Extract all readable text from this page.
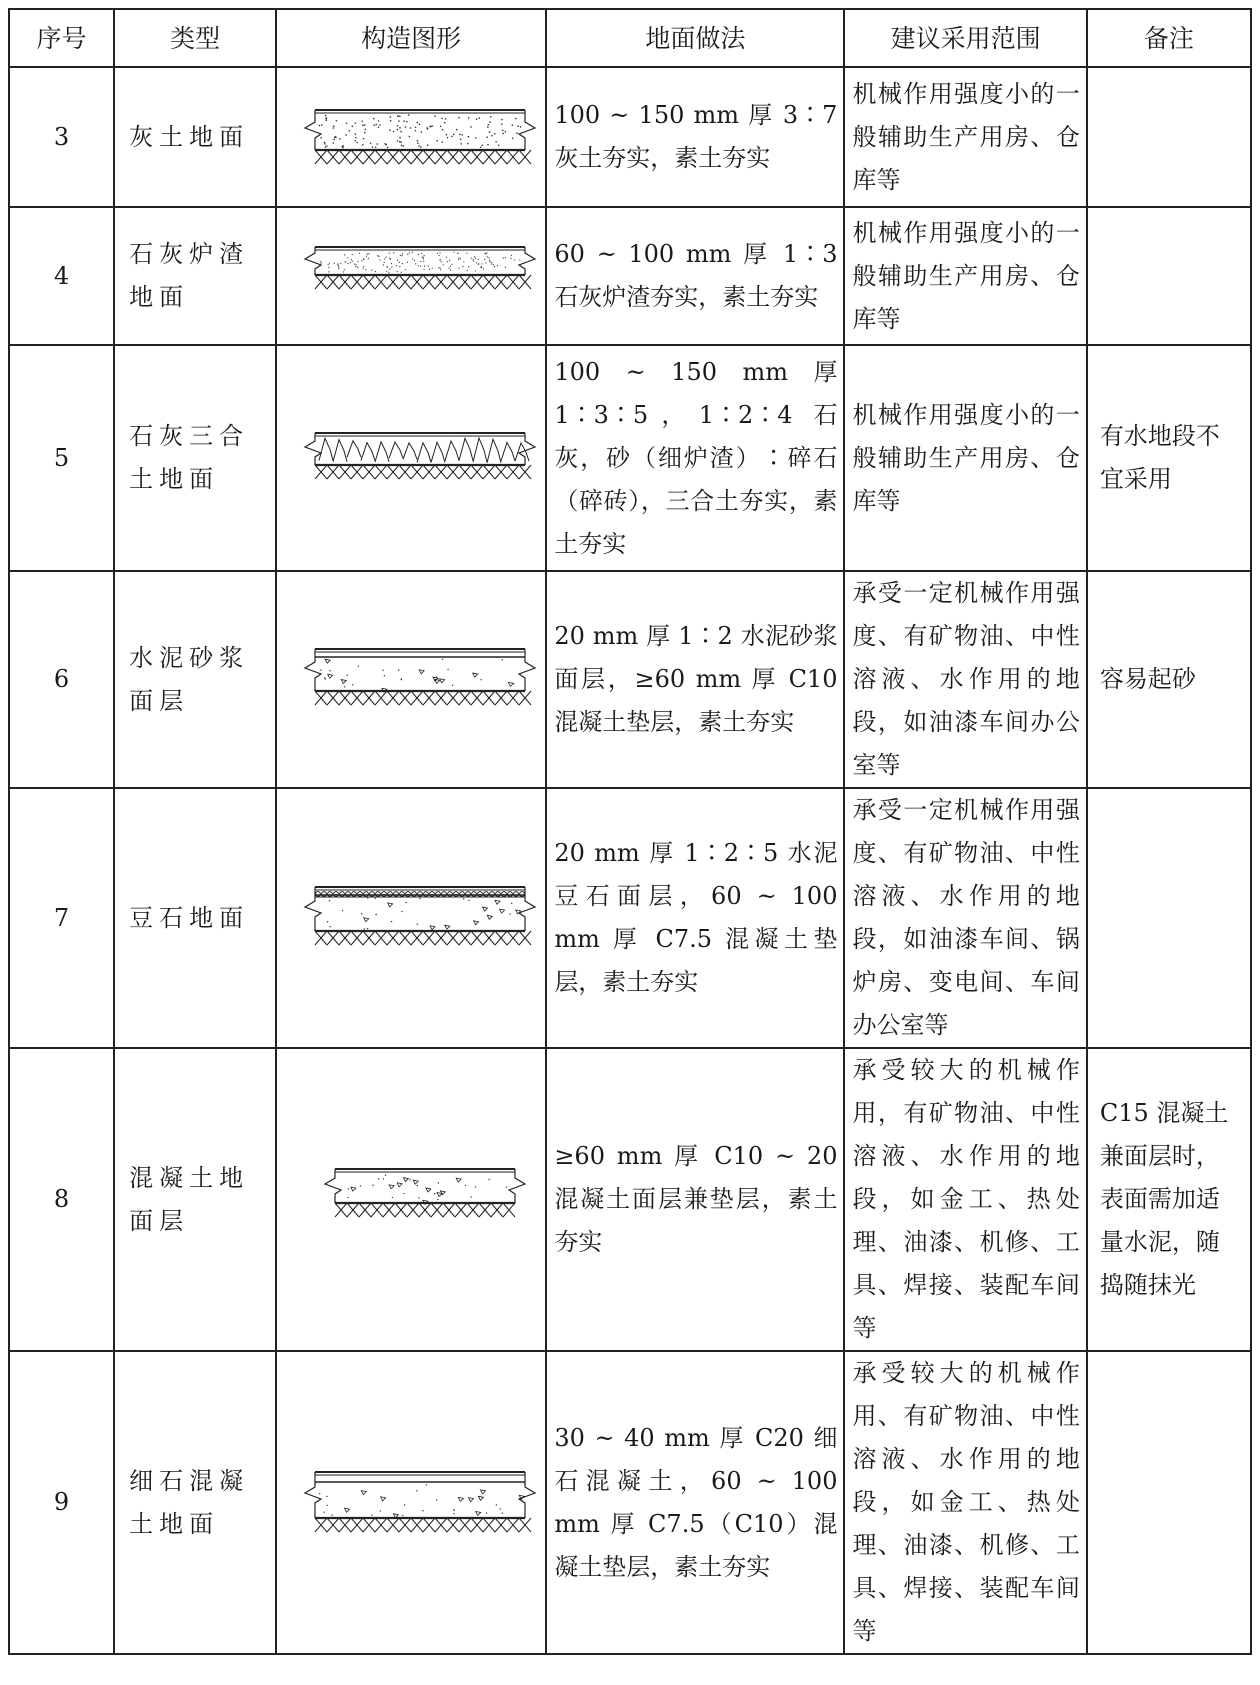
序号	类型	构造图形	地面做法	建议采用范围	备注
3	灰土地面		100 ~ 150 mm 厚 3∶7 灰土夯实，素土夯实	机械作用强度小的一般辅助生产用房、仓库等	
4	石灰炉渣地面		60 ~ 100 mm 厚 1∶3 石灰炉渣夯实，素土夯实	机械作用强度小的一般辅助生产用房、仓库等	
5	石灰三合土地面		100 ~ 150 mm 厚 1∶3∶5，1∶2∶4 石灰，砂（细炉渣）∶碎石（碎砖），三合土夯实，素土夯实	机械作用强度小的一般辅助生产用房、仓库等	有水地段不宜采用
6	水泥砂浆面层		20 mm 厚 1∶2 水泥砂浆面层，≥60 mm 厚 C10 混凝土垫层，素土夯实	承受一定机械作用强度、有矿物油、中性溶液、水作用的地段，如油漆车间办公室等	容易起砂
7	豆石地面		20 mm 厚 1∶2∶5 水泥豆石面层，60 ~ 100 mm 厚 C7.5 混凝土垫层，素土夯实	承受一定机械作用强度、有矿物油、中性溶液、水作用的地段，如油漆车间、锅炉房、变电间、车间办公室等	
8	混凝土地面层		≥60 mm 厚 C10 ~ 20 混凝土面层兼垫层，素土夯实	承受较大的机械作用，有矿物油、中性溶液、水作用的地段，如金工、热处理、油漆、机修、工具、焊接、装配车间等	C15 混凝土兼面层时，表面需加适量水泥，随捣随抹光
9	细石混凝土地面		30 ~ 40 mm 厚 C20 细石混凝土，60 ~ 100 mm 厚 C7.5（C10）混凝土垫层，素土夯实	承受较大的机械作用、有矿物油、中性溶液、水作用的地段，如金工、热处理、油漆、机修、工具、焊接、装配车间等	
